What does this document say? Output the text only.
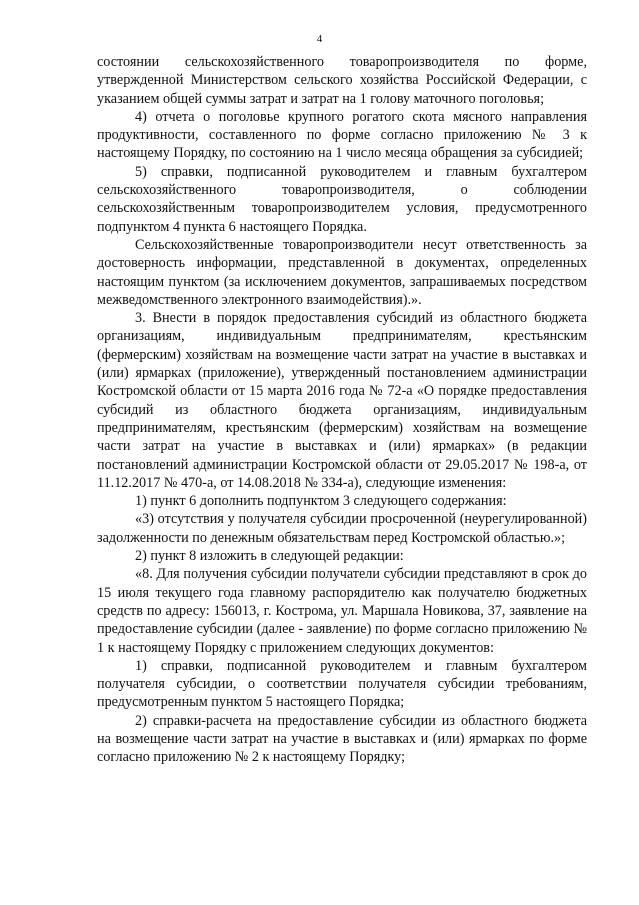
4

состоянии сельскохозяйственного товаропроизводителя по форме, утвержденной Министерством сельского хозяйства Российской Федерации, с указанием общей суммы затрат и затрат на 1 голову маточного поголовья;

4) отчета о поголовье крупного рогатого скота мясного направления продуктивности, составленного по форме согласно приложению № 3 к настоящему Порядку, по состоянию на 1 число месяца обращения за субсидией;

5) справки, подписанной руководителем и главным бухгалтером сельскохозяйственного товаропроизводителя, о соблюдении сельскохозяйственным товаропроизводителем условия, предусмотренного подпунктом 4 пункта 6 настоящего Порядка.

Сельскохозяйственные товаропроизводители несут ответственность за достоверность информации, представленной в документах, определенных настоящим пунктом (за исключением документов, запрашиваемых посредством межведомственного электронного взаимодействия).».

3. Внести в порядок предоставления субсидий из областного бюджета организациям, индивидуальным предпринимателям, крестьянским (фермерским) хозяйствам на возмещение части затрат на участие в выставках и (или) ярмарках (приложение), утвержденный постановлением администрации Костромской области от 15 марта 2016 года № 72-а «О порядке предоставления субсидий из областного бюджета организациям, индивидуальным предпринимателям, крестьянским (фермерским) хозяйствам на возмещение части затрат на участие в выставках и (или) ярмарках» (в редакции постановлений администрации Костромской области от 29.05.2017 № 198-а, от 11.12.2017 № 470-а, от 14.08.2018 № 334-а), следующие изменения:

1) пункт 6 дополнить подпунктом 3 следующего содержания:

«3) отсутствия у получателя субсидии просроченной (неурегулированной) задолженности по денежным обязательствам перед Костромской областью.»;

2) пункт 8 изложить в следующей редакции:

«8. Для получения субсидии получатели субсидии представляют в срок до 15 июля текущего года главному распорядителю как получателю бюджетных средств по адресу: 156013, г. Кострома, ул. Маршала Новикова, 37, заявление на предоставление субсидии (далее - заявление) по форме согласно приложению № 1 к настоящему Порядку с приложением следующих документов:

1) справки, подписанной руководителем и главным бухгалтером получателя субсидии, о соответствии получателя субсидии требованиям, предусмотренным пунктом 5 настоящего Порядка;

2) справки-расчета на предоставление субсидии из областного бюджета на возмещение части затрат на участие в выставках и (или) ярмарках по форме согласно приложению № 2 к настоящему Порядку;
